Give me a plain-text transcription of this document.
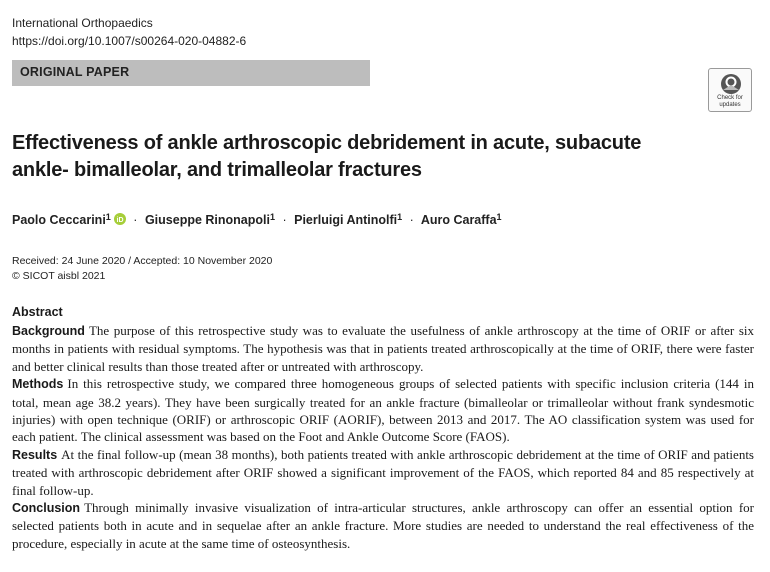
International Orthopaedics
https://doi.org/10.1007/s00264-020-04882-6
ORIGINAL PAPER
Check for
updates
Effectiveness of ankle arthroscopic debridement in acute, subacute
ankle- bimalleolar, and trimalleolar fractures
Paolo Ceccarini$^1$ iD · Giuseppe Rinonapoli$^1$ · Pierluigi Antinolfi$^1$ · Auro Caraffa$^1$
Received: 24 June 2020 / Accepted: 10 November 2020
© SICOT aisbl 2021
Abstract

Background The purpose of this retrospective study was to evaluate the usefulness of ankle arthroscopy at the time of ORIF or after six months in patients with residual symptoms. The hypothesis was that in patients treated arthroscopically at the time of ORIF, there were faster and better clinical results than those treated after or untreated with arthroscopy.

Methods In this retrospective study, we compared three homogeneous groups of selected patients with specific inclusion criteria (144 in total, mean age 38.2 years). They have been surgically treated for an ankle fracture (bimalleolar or trimalleolar without frank syndesmotic injuries) with open technique (ORIF) or arthroscopic ORIF (AORIF), between 2013 and 2017. The AO classification system was used for each patient. The clinical assessment was based on the Foot and Ankle Outcome Score (FAOS).

Results At the final follow-up (mean 38 months), both patients treated with ankle arthroscopic debridement at the time of ORIF and patients treated with arthroscopic debridement after ORIF showed a significant improvement of the FAOS, which reported 84 and 85 respectively at final follow-up.

Conclusion Through minimally invasive visualization of intra-articular structures, ankle arthroscopy can offer an essential option for selected patients both in acute and in sequelae after an ankle fracture. More studies are needed to understand the real effectiveness of the procedure, especially in acute at the same time of osteosynthesis.
